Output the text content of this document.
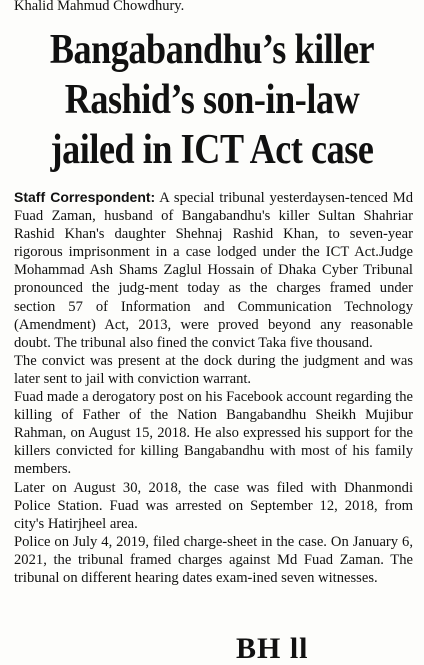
Khalid Mahmud Chowdhury.
Bangabandhu’s killer
Rashid’s son-in-law
jailed in ICT Act case

Staff Correspondent: A special tribunal yesterdaysen-tenced Md Fuad Zaman, husband of Bangabandhu's killer Sultan Shahriar Rashid Khan's daughter Shehnaj Rashid Khan, to seven-year rigorous imprisonment in a case lodged under the ICT Act.Judge Mohammad Ash Shams Zaglul Hossain of Dhaka Cyber Tribunal pronounced the judg-ment today as the charges framed under section 57 of Information and Communication Technology (Amendment) Act, 2013, were proved beyond any reasonable doubt. The tribunal also fined the convict Taka five thousand.

The convict was present at the dock during the judgment and was later sent to jail with conviction warrant.

Fuad made a derogatory post on his Facebook account regarding the killing of Father of the Nation Bangabandhu Sheikh Mujibur Rahman, on August 15, 2018. He also expressed his support for the killers convicted for killing Bangabandhu with most of his family members.

Later on August 30, 2018, the case was filed with Dhanmondi Police Station. Fuad was arrested on September 12, 2018, from city's Hatirjheel area.

Police on July 4, 2019, filed charge-sheet in the case. On January 6, 2021, the tribunal framed charges against Md Fuad Zaman. The tribunal on different hearing dates exam-ined seven witnesses.

BH ll
